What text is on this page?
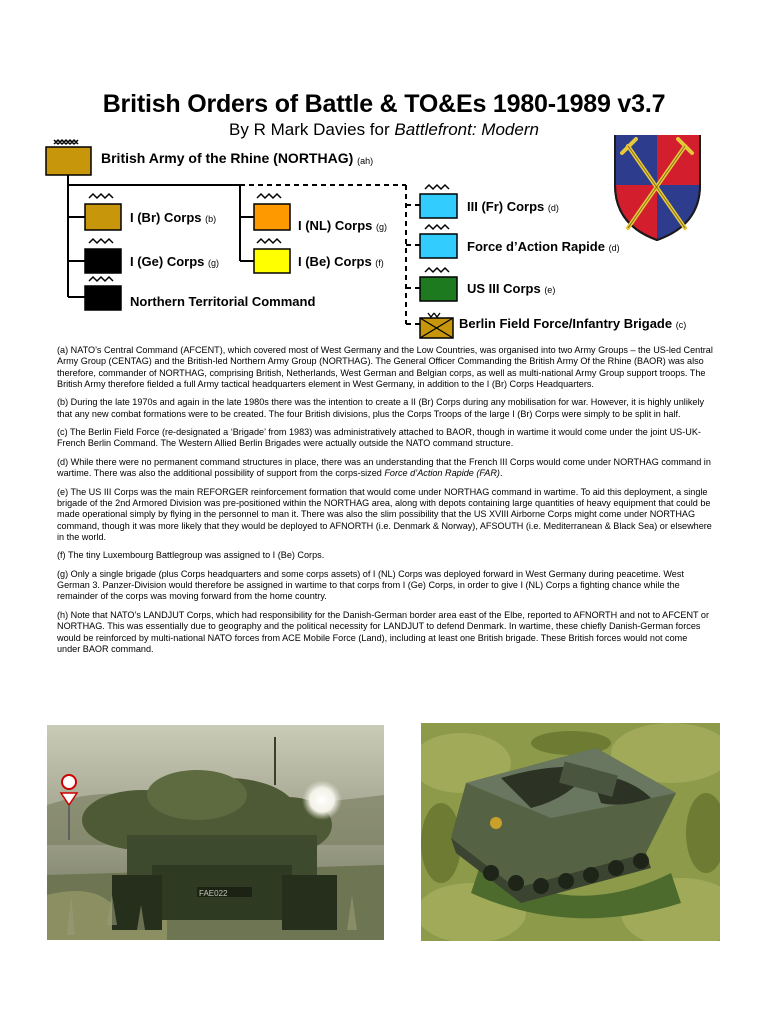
British Orders of Battle & TO&Es 1980-1989 v3.7
By R Mark Davies for Battlefront: Modern
British Army of the Rhine (NORTHAG) (ah)
I (Br) Corps (b)
I (Ge) Corps (g)
Northern Territorial Command
I (NL) Corps (g)
I (Be) Corps (f)
III (Fr) Corps (d)
Force d’Action Rapide (d)
US III Corps (e)
Berlin Field Force/Infantry Brigade (c)

(a) NATO’s Central Command (AFCENT), which covered most of West Germany and the Low Countries, was organised into two Army Groups – the US-led Central Army Group (CENTAG) and the British-led Northern Army Group (NORTHAG). The General Officer Commanding the British Army Of the Rhine (BAOR) was also therefore, commander of NORTHAG, comprising British, Netherlands, West German and Belgian corps, as well as multi-national Army Group support troops. The British Army therefore fielded a full Army tactical headquarters element in West Germany, in addition to the I (Br) Corps Headquarters.

(b) During the late 1970s and again in the late 1980s there was the intention to create a II (Br) Corps during any mobilisation for war. However, it is highly unlikely that any new combat formations were to be created. The four British divisions, plus the Corps Troops of the large I (Br) Corps were simply to be split in half.

(c) The Berlin Field Force (re-designated a ‘Brigade’ from 1983) was administratively attached to BAOR, though in wartime it would come under the joint US-UK-French Berlin Command. The Western Allied Berlin Brigades were actually outside the NATO command structure.

(d) While there were no permanent command structures in place, there was an understanding that the French III Corps would come under NORTHAG command in wartime. There was also the additional possibility of support from the corps-sized Force d’Action Rapide (FAR).

(e) The US III Corps was the main REFORGER reinforcement formation that would come under NORTHAG command in wartime. To aid this deployment, a single brigade of the 2nd Armored Division was pre-positioned within the NORTHAG area, along with depots containing large quantities of heavy equipment that could be made operational simply by flying in the personnel to man it. There was also the slim possibility that the US XVIII Airborne Corps might come under NORTHAG command, though it was more likely that they would be deployed to AFNORTH (i.e. Denmark & Norway), AFSOUTH (i.e. Mediterranean & Black Sea) or elsewhere in the world.

(f) The tiny Luxembourg Battlegroup was assigned to I (Be) Corps.

(g) Only a single brigade (plus Corps headquarters and some corps assets) of I (NL) Corps was deployed forward in West Germany during peacetime. West German 3. Panzer-Division would therefore be assigned in wartime to that corps from I (Ge) Corps, in order to give I (NL) Corps a fighting chance while the remainder of the corps was moving forward from the home country.

(h) Note that NATO’s LANDJUT Corps, which had responsibility for the Danish-German border area east of the Elbe, reported to AFNORTH and not to AFCENT or NORTHAG. This was essentially due to geography and the political necessity for LANDJUT to defend Denmark. In wartime, these chiefly Danish-German forces would be reinforced by multi-national NATO forces from ACE Mobile Force (Land), including at least one British brigade. These British forces would not come under BAOR command.

FAE022
